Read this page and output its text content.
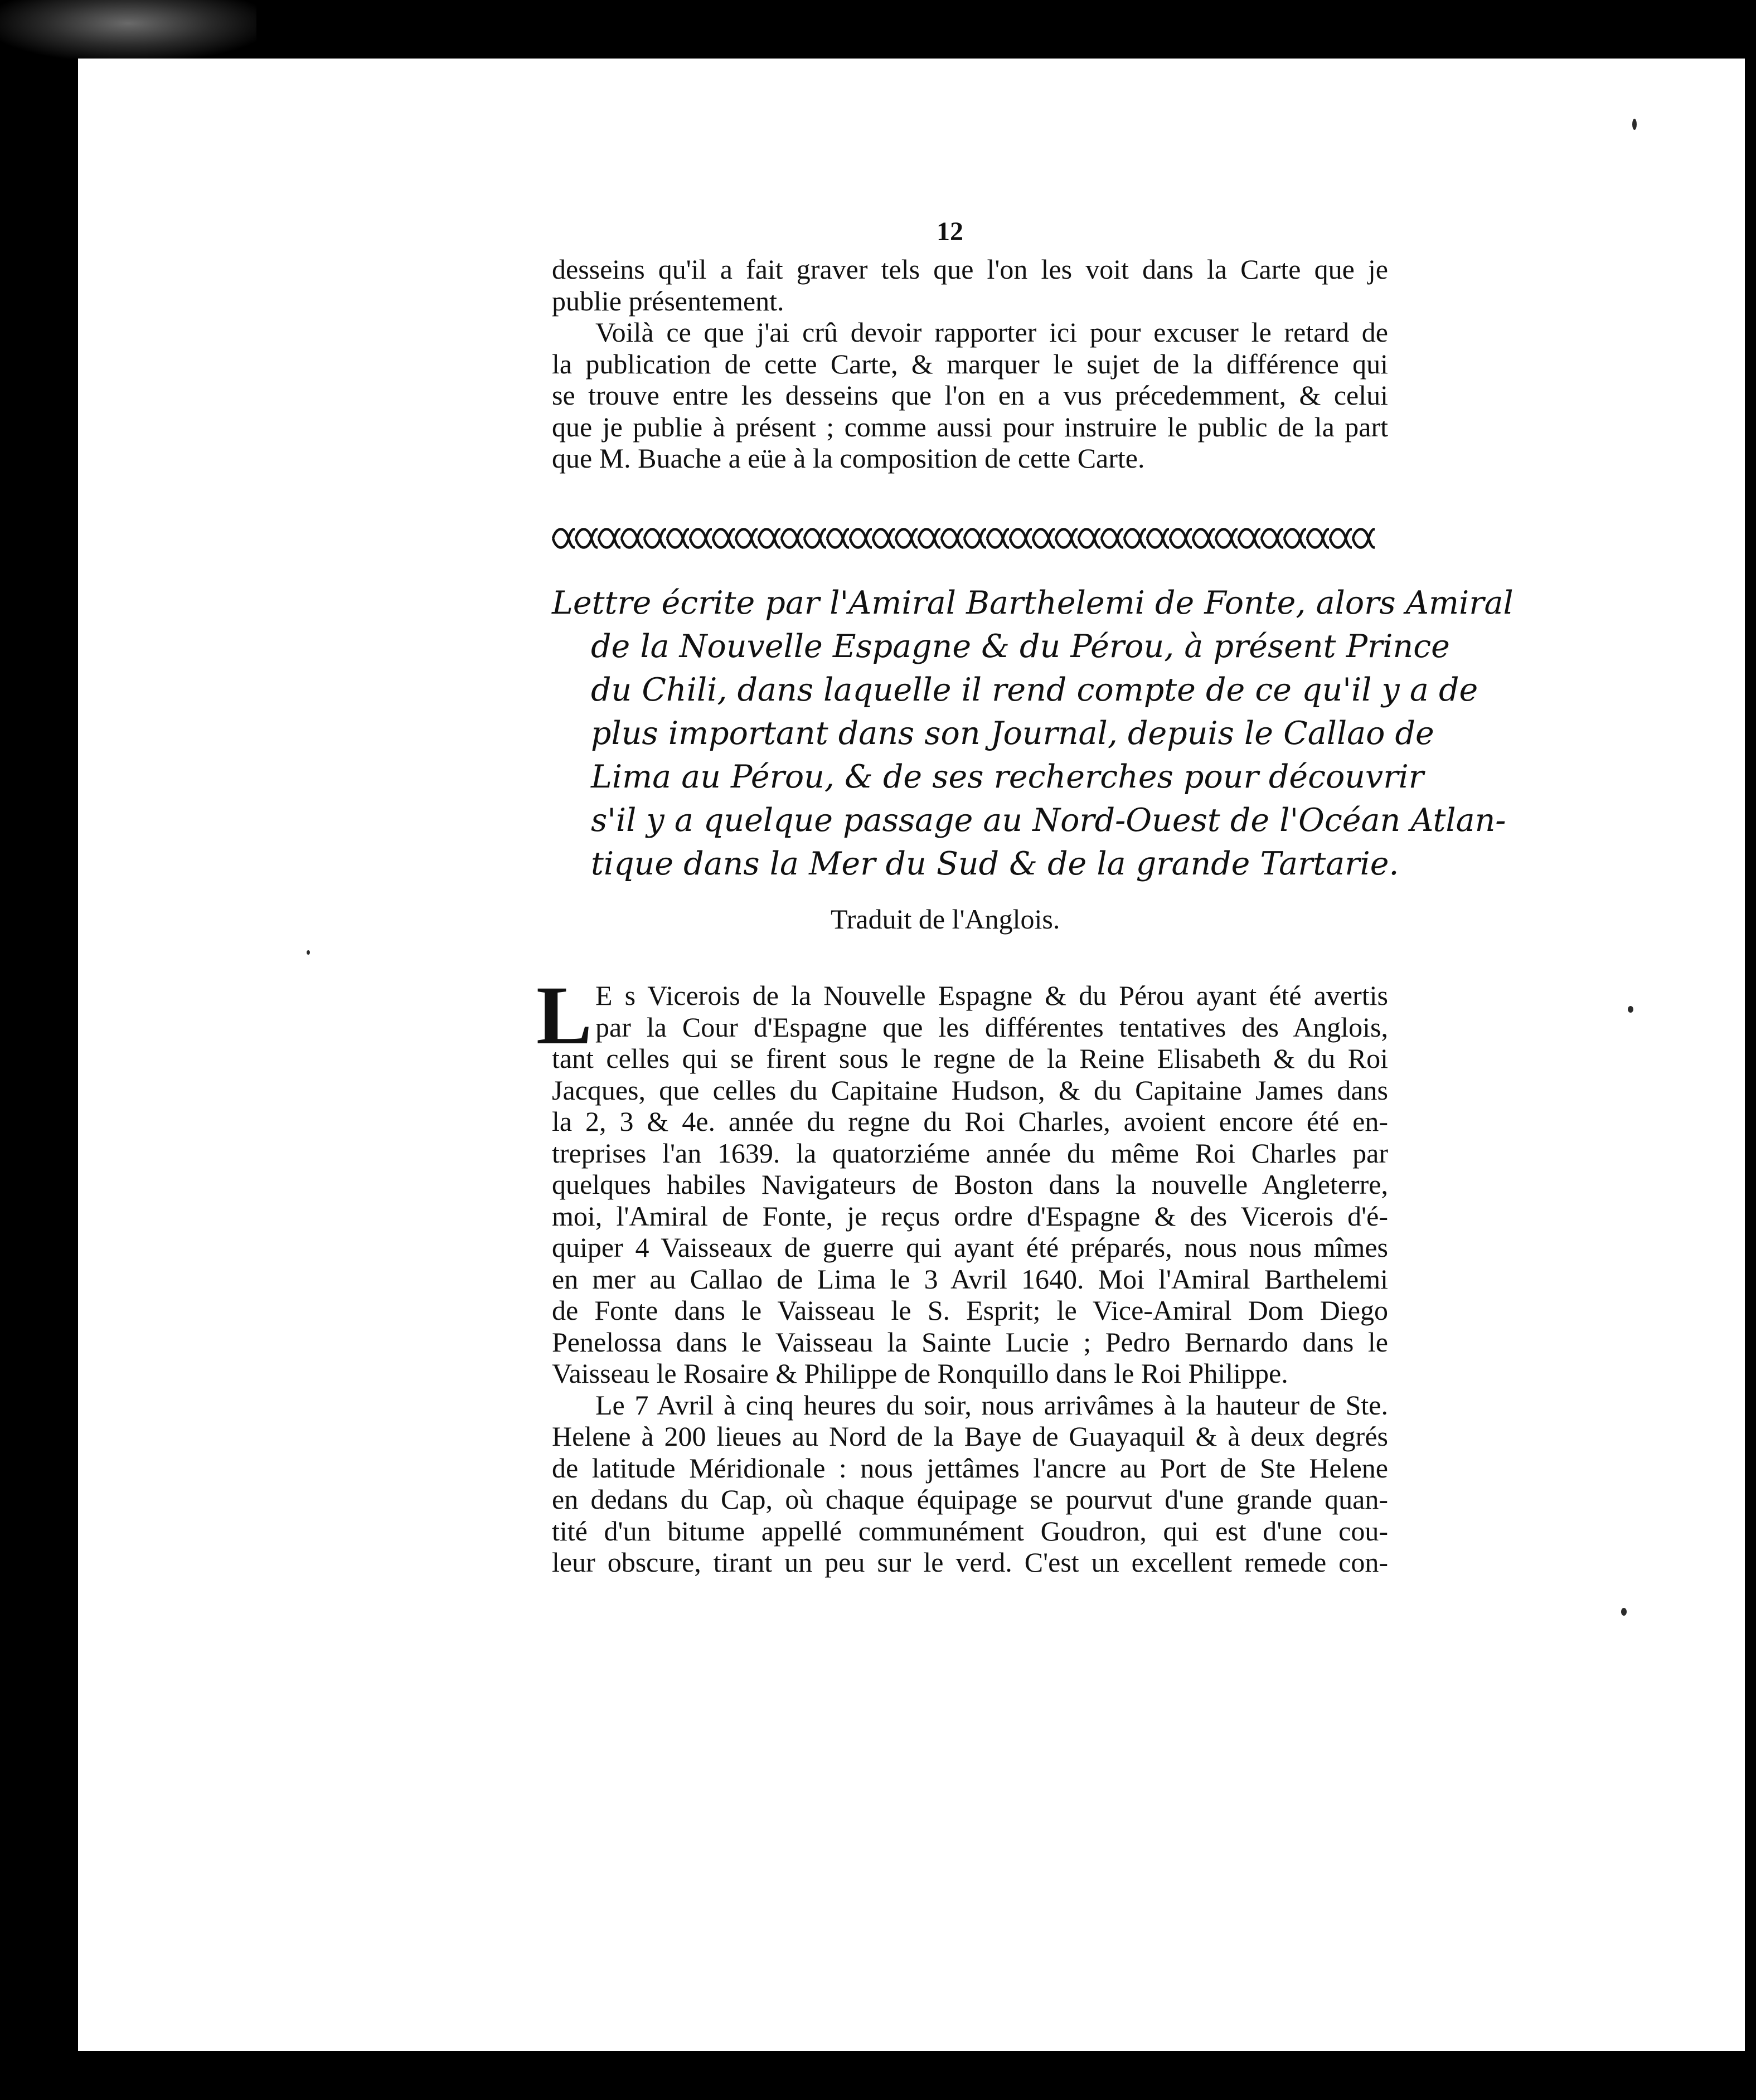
12
desseins qu'il a fait graver tels que l'on les voit dans la Carte que je
publie présentement.
Voilà ce que j'ai crû devoir rapporter ici pour excuser le retard de
la publication de cette Carte, & marquer le sujet de la différence qui
se trouve entre les desseins que l'on en a vus précedemment, & celui
que je publie à présent ; comme aussi pour instruire le public de la part
que M. Buache a eüe à la composition de cette Carte.
Lettre écrite par l'Amiral Barthelemi de Fonte, alors Amiral
de la Nouvelle Espagne & du Pérou, à présent Prince
du Chili, dans laquelle il rend compte de ce qu'il y a de
plus important dans son Journal, depuis le Callao de
Lima au Pérou, & de ses recherches pour découvrir
s'il y a quelque passage au Nord-Ouest de l'Océan Atlan-
tique dans la Mer du Sud & de la grande Tartarie.
Traduit de l'Anglois.
L E s Vicerois de la Nouvelle Espagne & du Pérou ayant été avertis
par la Cour d'Espagne que les différentes tentatives des Anglois,
tant celles qui se firent sous le regne de la Reine Elisabeth & du Roi
Jacques, que celles du Capitaine Hudson, & du Capitaine James dans
la 2, 3 & 4e. année du regne du Roi Charles, avoient encore été en-
treprises l'an 1639. la quatorziéme année du même Roi Charles par
quelques habiles Navigateurs de Boston dans la nouvelle Angleterre,
moi, l'Amiral de Fonte, je reçus ordre d'Espagne & des Vicerois d'é-
quiper 4 Vaisseaux de guerre qui ayant été préparés, nous nous mîmes
en mer au Callao de Lima le 3 Avril 1640. Moi l'Amiral Barthelemi
de Fonte dans le Vaisseau le S. Esprit; le Vice-Amiral Dom Diego
Penelossa dans le Vaisseau la Sainte Lucie ; Pedro Bernardo dans le
Vaisseau le Rosaire & Philippe de Ronquillo dans le Roi Philippe.
Le 7 Avril à cinq heures du soir, nous arrivâmes à la hauteur de Ste.
Helene à 200 lieues au Nord de la Baye de Guayaquil & à deux degrés
de latitude Méridionale : nous jettâmes l'ancre au Port de Ste Helene
en dedans du Cap, où chaque équipage se pourvut d'une grande quan-
tité d'un bitume appellé communément Goudron, qui est d'une cou-
leur obscure, tirant un peu sur le verd. C'est un excellent remede con-
